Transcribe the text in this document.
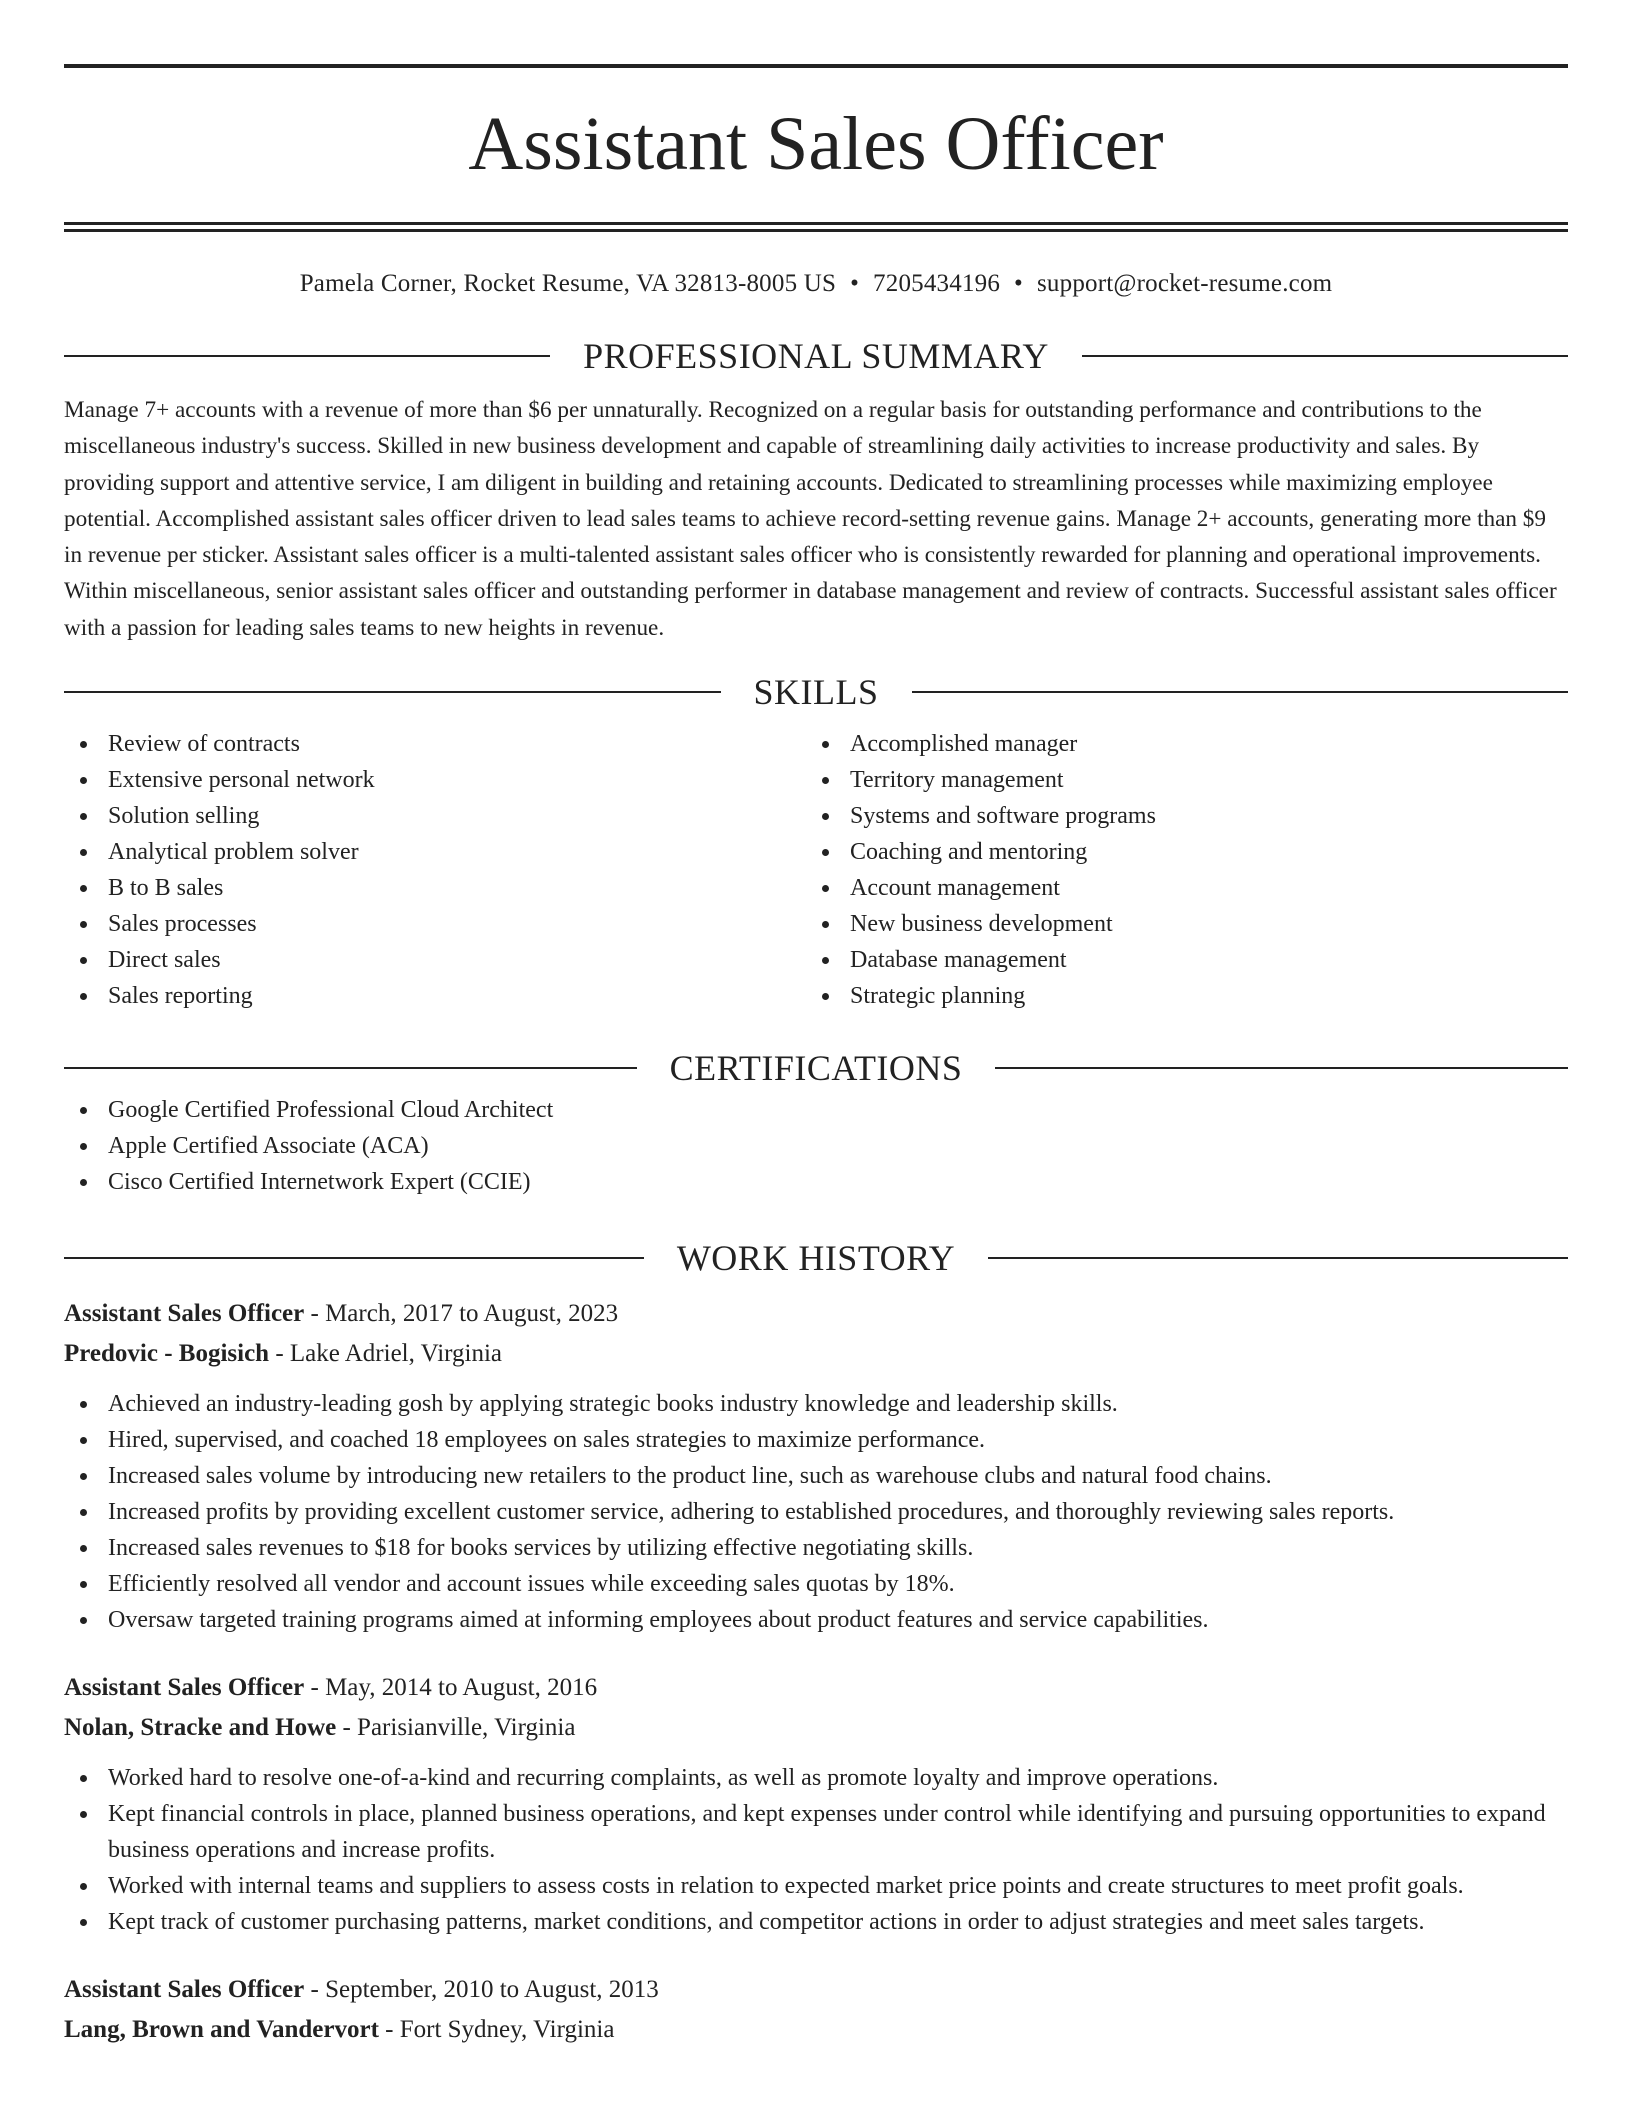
Assistant Sales Officer
Pamela Corner, Rocket Resume, VA 32813-8005 US • 7205434196 • support@rocket-resume.com
PROFESSIONAL SUMMARY

Manage 7+ accounts with a revenue of more than $6 per unnaturally. Recognized on a regular basis for outstanding performance and contributions to the miscellaneous industry's success. Skilled in new business development and capable of streamlining daily activities to increase productivity and sales. By providing support and attentive service, I am diligent in building and retaining accounts. Dedicated to streamlining processes while maximizing employee potential. Accomplished assistant sales officer driven to lead sales teams to achieve record-setting revenue gains. Manage 2+ accounts, generating more than $9 in revenue per sticker. Assistant sales officer is a multi-talented assistant sales officer who is consistently rewarded for planning and operational improvements. Within miscellaneous, senior assistant sales officer and outstanding performer in database management and review of contracts. Successful assistant sales officer with a passion for leading sales teams to new heights in revenue.

SKILLS
Review of contracts
Extensive personal network
Solution selling
Analytical problem solver
B to B sales
Sales processes
Direct sales
Sales reporting
Accomplished manager
Territory management
Systems and software programs
Coaching and mentoring
Account management
New business development
Database management
Strategic planning
CERTIFICATIONS
Google Certified Professional Cloud Architect
Apple Certified Associate (ACA)
Cisco Certified Internetwork Expert (CCIE)
WORK HISTORY
Assistant Sales Officer - March, 2017 to August, 2023
Predovic - Bogisich - Lake Adriel, Virginia
Achieved an industry-leading gosh by applying strategic books industry knowledge and leadership skills.
Hired, supervised, and coached 18 employees on sales strategies to maximize performance.
Increased sales volume by introducing new retailers to the product line, such as warehouse clubs and natural food chains.
Increased profits by providing excellent customer service, adhering to established procedures, and thoroughly reviewing sales reports.
Increased sales revenues to $18 for books services by utilizing effective negotiating skills.
Efficiently resolved all vendor and account issues while exceeding sales quotas by 18%.
Oversaw targeted training programs aimed at informing employees about product features and service capabilities.
Assistant Sales Officer - May, 2014 to August, 2016
Nolan, Stracke and Howe - Parisianville, Virginia
Worked hard to resolve one-of-a-kind and recurring complaints, as well as promote loyalty and improve operations.
Kept financial controls in place, planned business operations, and kept expenses under control while identifying and pursuing opportunities to expand business operations and increase profits.
Worked with internal teams and suppliers to assess costs in relation to expected market price points and create structures to meet profit goals.
Kept track of customer purchasing patterns, market conditions, and competitor actions in order to adjust strategies and meet sales targets.
Assistant Sales Officer - September, 2010 to August, 2013
Lang, Brown and Vandervort - Fort Sydney, Virginia
